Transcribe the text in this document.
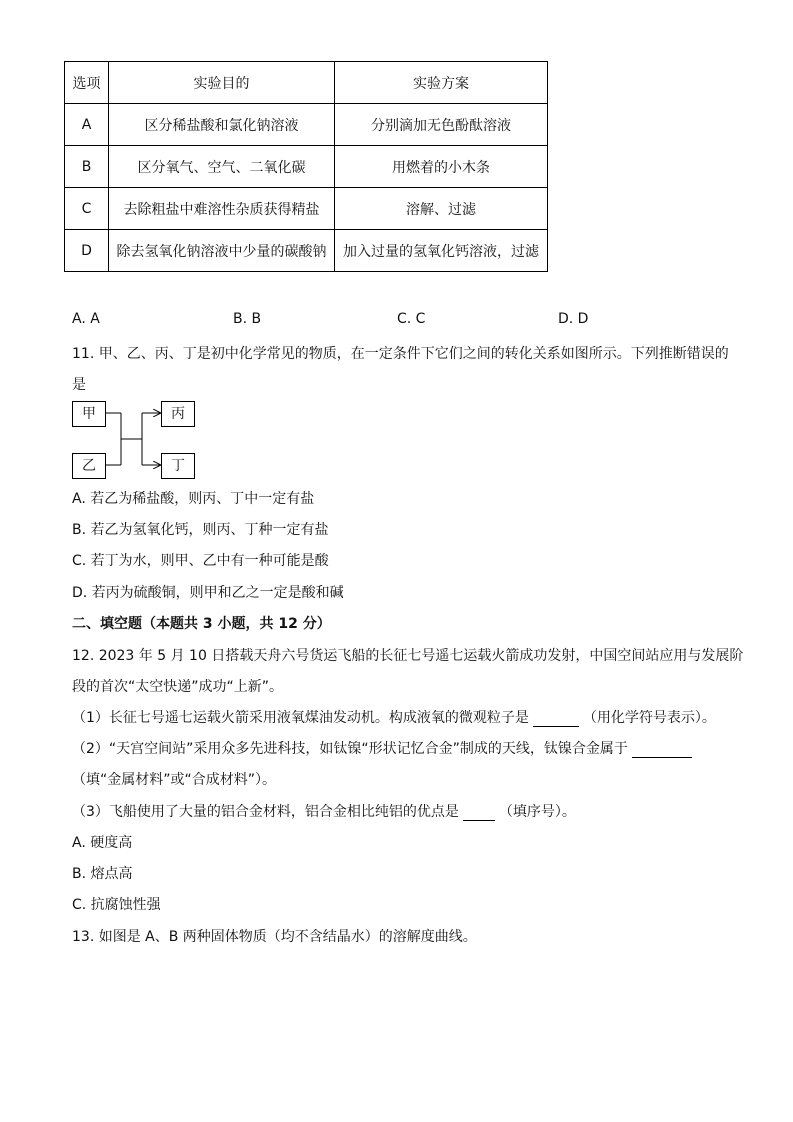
选项	实验目的	实验方案
A	区分稀盐酸和氯化钠溶液	分别滴加无色酚酞溶液
B	区分氧气、空气、二氧化碳	用燃着的小木条
C	去除粗盐中难溶性杂质获得精盐	溶解、过滤
D	除去氢氧化钠溶液中少量的碳酸钠	加入过量的氢氧化钙溶液，过滤
A. A	B. B	C. C	D. D
11. 甲、乙、丙、丁是初中化学常见的物质，在一定条件下它们之间的转化关系如图所示。下列推断错误的
是
甲
乙
丙
丁
A. 若乙为稀盐酸，则丙、丁中一定有盐
B. 若乙为氢氧化钙，则丙、丁种一定有盐
C. 若丁为水，则甲、乙中有一种可能是酸
D. 若丙为硫酸铜，则甲和乙之一定是酸和碱
二、填空题（本题共 3 小题，共 12 分）
12. 2023 年 5 月 10 日搭载天舟六号货运飞船的长征七号遥七运载火箭成功发射，中国空间站应用与发展阶
段的首次“太空快递”成功“上新”。
（1）长征七号遥七运载火箭采用液氧煤油发动机。构成液氧的微观粒子是	（用化学符号表示）。
（2）“天宫空间站”采用众多先进科技，如钛镍“形状记忆合金”制成的天线，钛镍合金属于
（填“金属材料”或“合成材料”）。
（3）飞船使用了大量的铝合金材料，铝合金相比纯铝的优点是	（填序号）。
A. 硬度高
B. 熔点高
C. 抗腐蚀性强
13. 如图是 A、B 两种固体物质（均不含结晶水）的溶解度曲线。
